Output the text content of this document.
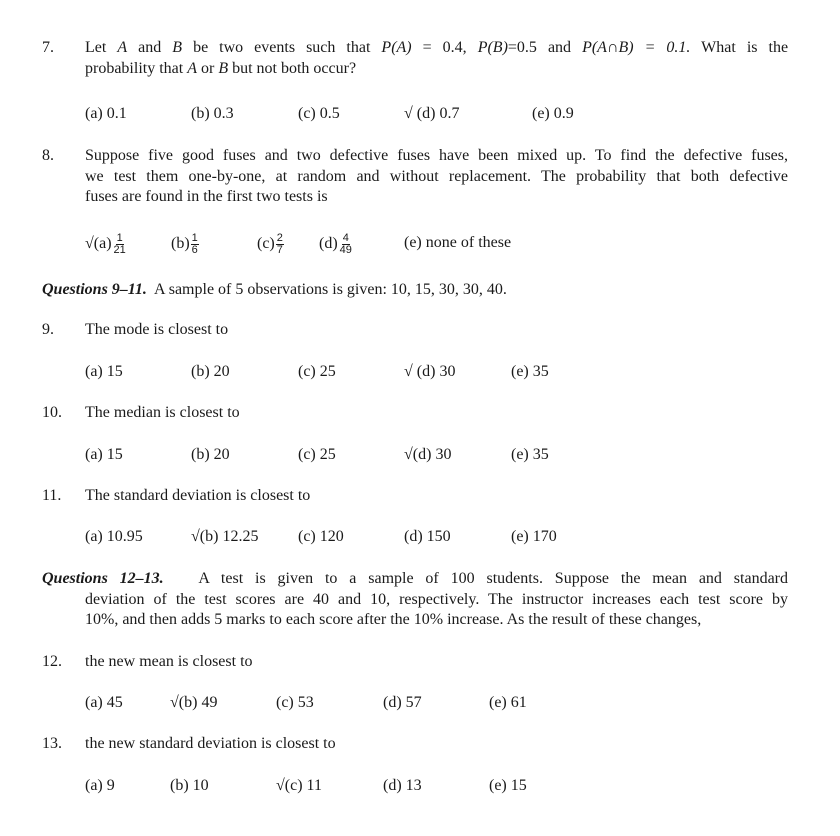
7. Let A and B be two events such that P(A) = 0.4, P(B)=0.5 and P(A∩B) = 0.1. What is the
probability that A or B but not both occur?
(a) 0.1	(b) 0.3	(c) 0.5	√ (d) 0.7	(e) 0.9
8. Suppose five good fuses and two defective fuses have been mixed up. To find the defective fuses,
we test them one-by-one, at random and without replacement. The probability that both defective
fuses are found in the first two tests is
$√(a) \frac{1}{21}$	$(b) \frac{1}{6}$	$(c) \frac{2}{7} (d) \frac{4}{49}$	(e) none of these
Questions 9–11. A sample of 5 observations is given: 10, 15, 30, 30, 40.
9. The mode is closest to
(a) 15	(b) 20	(c) 25	√ (d) 30	(e) 35
10. The median is closest to
(a) 15	(b) 20	(c) 25	√(d) 30	(e) 35
11. The standard deviation is closest to
(a) 10.95	√(b) 12.25 (c) 120	(d) 150	(e) 170
Questions 12–13. A test is given to a sample of 100 students. Suppose the mean and standard
deviation of the test scores are 40 and 10, respectively. The instructor increases each test score by
10%, and then adds 5 marks to each score after the 10% increase. As the result of these changes,
12. the new mean is closest to
(a) 45	√(b) 49	(c) 53	(d) 57	(e) 61
13. the new standard deviation is closest to
(a) 9	(b) 10	√(c) 11	(d) 13	(e) 15
